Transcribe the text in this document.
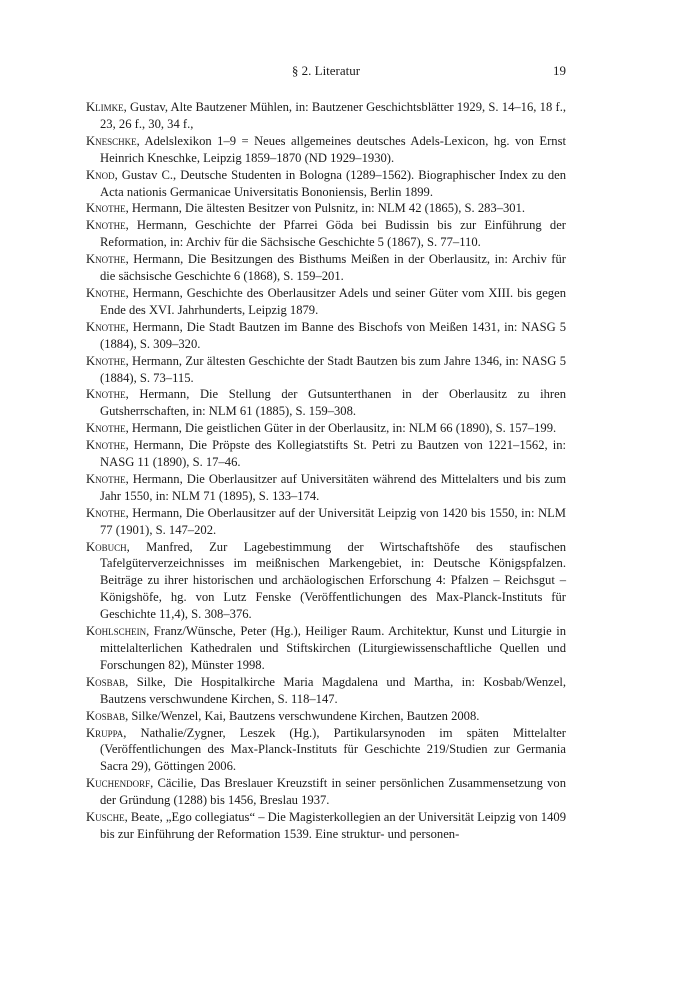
§ 2. Literatur	19

Klimke, Gustav, Alte Bautzener Mühlen, in: Bautzener Geschichtsblätter 1929, S. 14–16, 18 f., 23, 26 f., 30, 34 f.,

Kneschke, Adelslexikon 1–9 = Neues allgemeines deutsches Adels-Lexicon, hg. von Ernst Heinrich Kneschke, Leipzig 1859–1870 (ND 1929–1930).

Knod, Gustav C., Deutsche Studenten in Bologna (1289–1562). Biographischer Index zu den Acta nationis Germanicae Universitatis Bononiensis, Berlin 1899.

Knothe, Hermann, Die ältesten Besitzer von Pulsnitz, in: NLM 42 (1865), S. 283–301.

Knothe, Hermann, Geschichte der Pfarrei Göda bei Budissin bis zur Einführung der Reformation, in: Archiv für die Sächsische Geschichte 5 (1867), S. 77–110.

Knothe, Hermann, Die Besitzungen des Bisthums Meißen in der Oberlausitz, in: Archiv für die sächsische Geschichte 6 (1868), S. 159–201.

Knothe, Hermann, Geschichte des Oberlausitzer Adels und seiner Güter vom XIII. bis gegen Ende des XVI. Jahrhunderts, Leipzig 1879.

Knothe, Hermann, Die Stadt Bautzen im Banne des Bischofs von Meißen 1431, in: NASG 5 (1884), S. 309–320.

Knothe, Hermann, Zur ältesten Geschichte der Stadt Bautzen bis zum Jahre 1346, in: NASG 5 (1884), S. 73–115.

Knothe, Hermann, Die Stellung der Gutsunterthanen in der Oberlausitz zu ihren Gutsherrschaften, in: NLM 61 (1885), S. 159–308.

Knothe, Hermann, Die geistlichen Güter in der Oberlausitz, in: NLM 66 (1890), S. 157–199.

Knothe, Hermann, Die Pröpste des Kollegiatstifts St. Petri zu Bautzen von 1221–1562, in: NASG 11 (1890), S. 17–46.

Knothe, Hermann, Die Oberlausitzer auf Universitäten während des Mittelalters und bis zum Jahr 1550, in: NLM 71 (1895), S. 133–174.

Knothe, Hermann, Die Oberlausitzer auf der Universität Leipzig von 1420 bis 1550, in: NLM 77 (1901), S. 147–202.

Kobuch, Manfred, Zur Lagebestimmung der Wirtschaftshöfe des staufischen Tafelgüterverzeichnisses im meißnischen Markengebiet, in: Deutsche Königspfalzen. Beiträge zu ihrer historischen und archäologischen Erforschung 4: Pfalzen – Reichsgut – Königshöfe, hg. von Lutz Fenske (Veröffentlichungen des Max-Planck-Instituts für Geschichte 11,4), S. 308–376.

Kohlschein, Franz/Wünsche, Peter (Hg.), Heiliger Raum. Architektur, Kunst und Liturgie in mittelalterlichen Kathedralen und Stiftskirchen (Liturgiewissenschaftliche Quellen und Forschungen 82), Münster 1998.

Kosbab, Silke, Die Hospitalkirche Maria Magdalena und Martha, in: Kosbab/Wenzel, Bautzens verschwundene Kirchen, S. 118–147.

Kosbab, Silke/Wenzel, Kai, Bautzens verschwundene Kirchen, Bautzen 2008.

Kruppa, Nathalie/Zygner, Leszek (Hg.), Partikularsynoden im späten Mittelalter (Veröffentlichungen des Max-Planck-Instituts für Geschichte 219/Studien zur Germania Sacra 29), Göttingen 2006.

Kuchendorf, Cäcilie, Das Breslauer Kreuzstift in seiner persönlichen Zusammensetzung von der Gründung (1288) bis 1456, Breslau 1937.

Kusche, Beate, „Ego collegiatus“ – Die Magisterkollegien an der Universität Leipzig von 1409 bis zur Einführung der Reformation 1539. Eine struktur- und personen-
